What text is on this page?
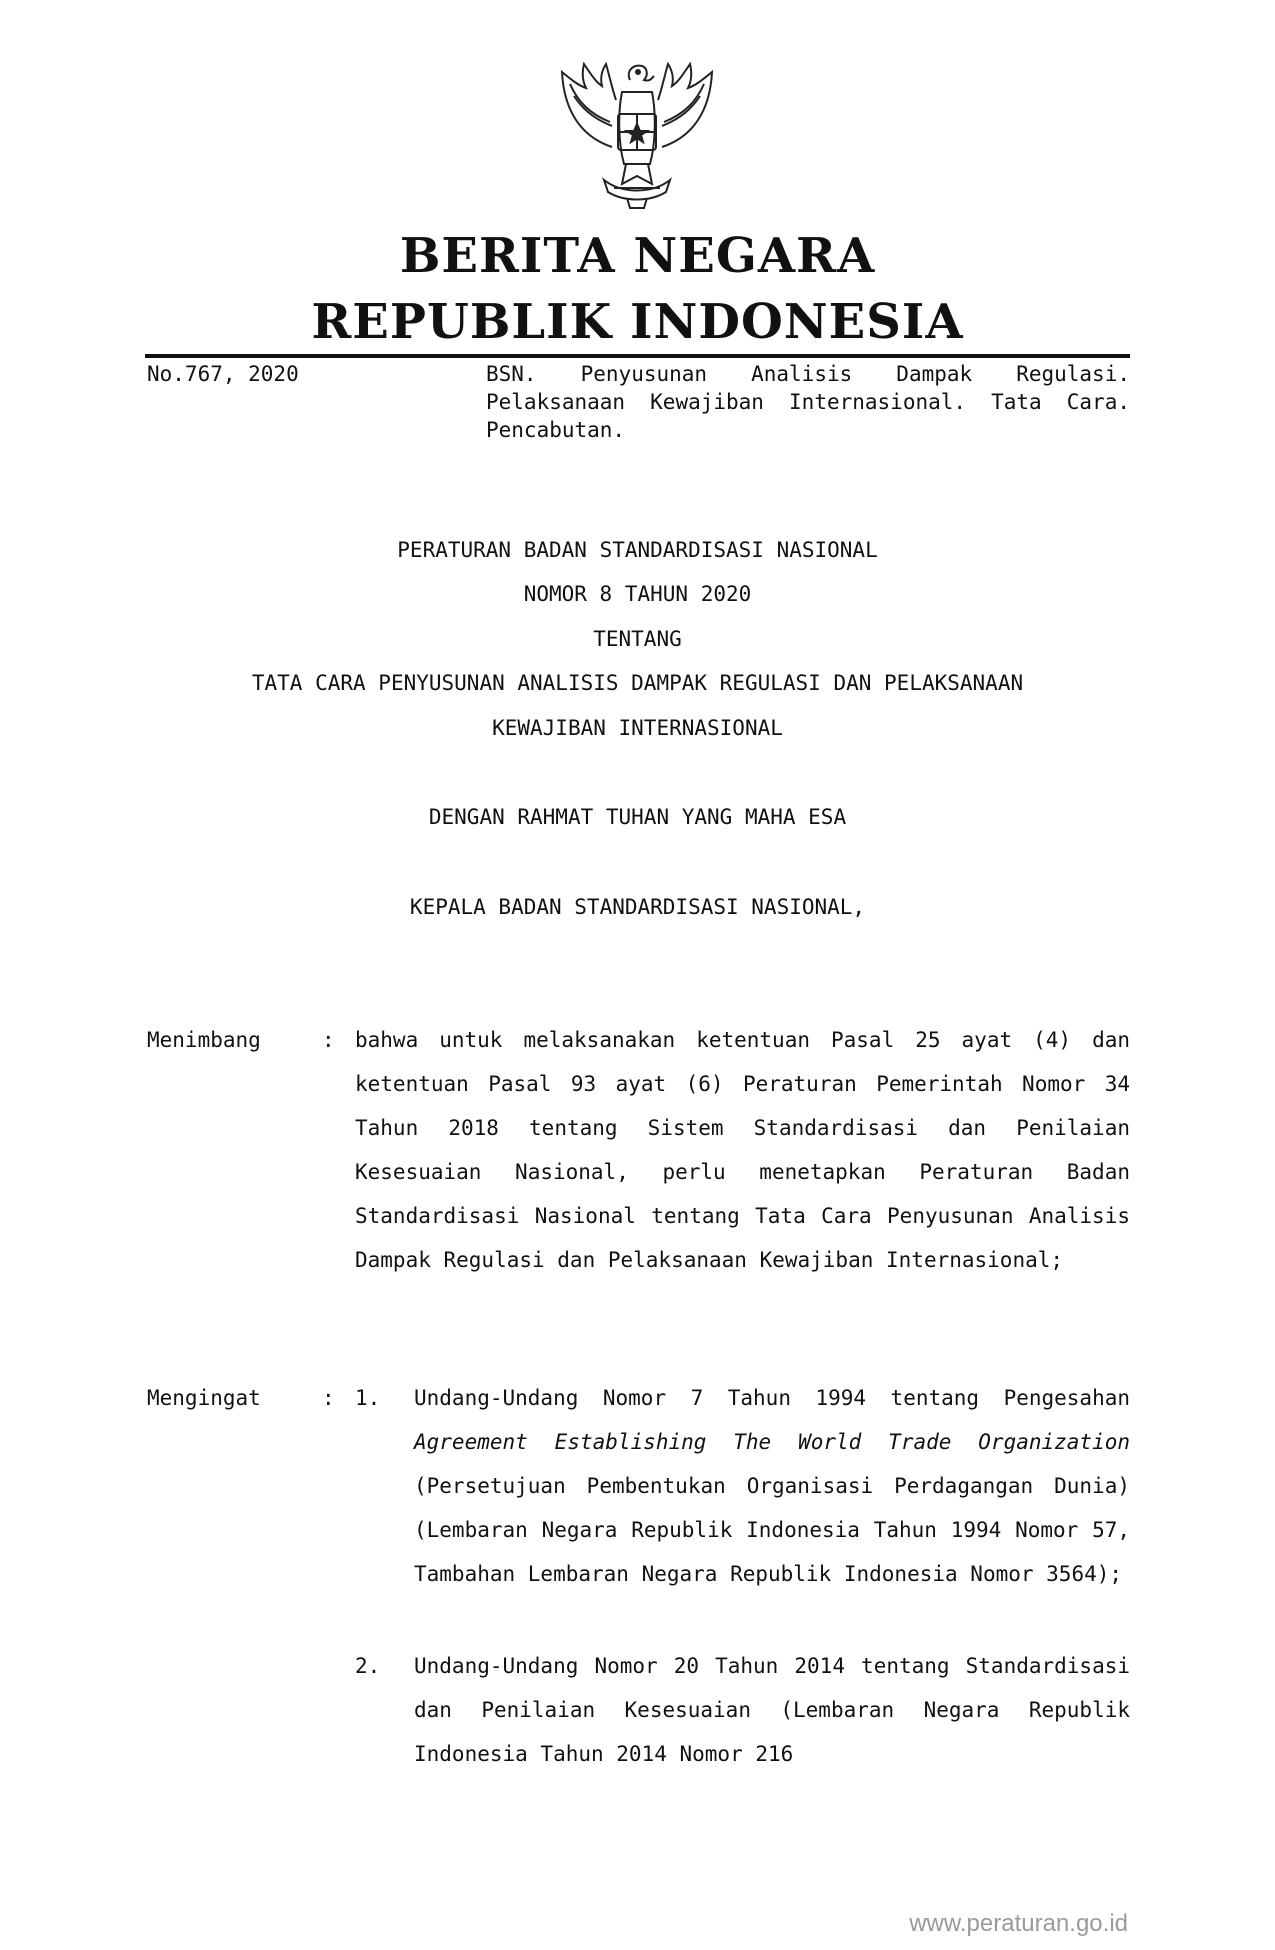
BERITA NEGARA
REPUBLIK INDONESIA
No.767, 2020	BSN. Penyusunan Analisis Dampak Regulasi. Pelaksanaan Kewajiban Internasional. Tata Cara. Pencabutan.
PERATURAN BADAN STANDARDISASI NASIONAL
NOMOR 8 TAHUN 2020
TENTANG
TATA CARA PENYUSUNAN ANALISIS DAMPAK REGULASI DAN PELAKSANAAN
KEWAJIBAN INTERNASIONAL
DENGAN RAHMAT TUHAN YANG MAHA ESA
KEPALA BADAN STANDARDISASI NASIONAL,
Menimbang	: bahwa untuk melaksanakan ketentuan Pasal 25 ayat (4) dan ketentuan Pasal 93 ayat (6) Peraturan Pemerintah Nomor 34 Tahun 2018 tentang Sistem Standardisasi dan Penilaian Kesesuaian Nasional, perlu menetapkan Peraturan Badan Standardisasi Nasional tentang Tata Cara Penyusunan Analisis Dampak Regulasi dan Pelaksanaan Kewajiban Internasional;
Mengingat	: 1. Undang-Undang Nomor 7 Tahun 1994 tentang Pengesahan Agreement Establishing The World Trade Organization (Persetujuan Pembentukan Organisasi Perdagangan Dunia) (Lembaran Negara Republik Indonesia Tahun 1994 Nomor 57, Tambahan Lembaran Negara Republik Indonesia Nomor 3564);
2. Undang-Undang Nomor 20 Tahun 2014 tentang Standardisasi dan Penilaian Kesesuaian (Lembaran Negara Republik Indonesia Tahun 2014 Nomor 216
www.peraturan.go.id
